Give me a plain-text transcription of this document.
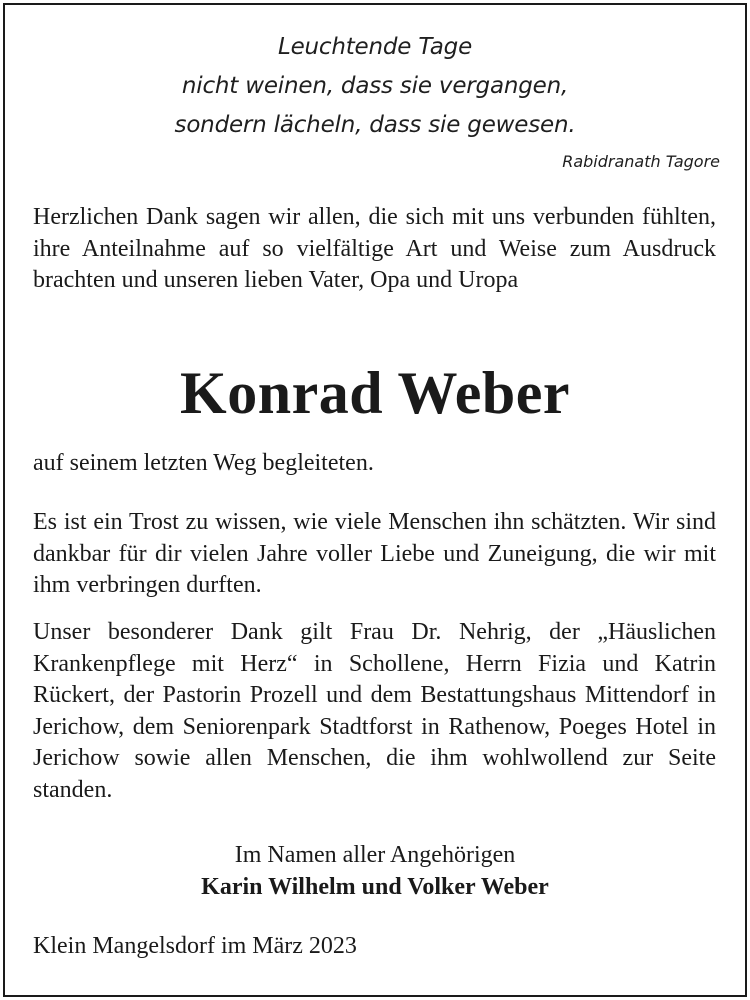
Leuchtende Tage
nicht weinen, dass sie vergangen,
sondern lächeln, dass sie gewesen.
Rabidranath Tagore

Herzlichen Dank sagen wir allen, die sich mit uns verbunden fühlten, ihre Anteilnahme auf so vielfältige Art und Weise zum Ausdruck brachten und unseren lieben Vater, Opa und Uropa

Konrad Weber

auf seinem letzten Weg begleiteten.

Es ist ein Trost zu wissen, wie viele Menschen ihn schätzten. Wir sind dankbar für dir vielen Jahre voller Liebe und Zuneigung, die wir mit ihm verbringen durften.

Unser besonderer Dank gilt Frau Dr. Nehrig, der „Häuslichen Krankenpflege mit Herz“ in Schollene, Herrn Fizia und Katrin Rückert, der Pastorin Prozell und dem Bestattungshaus Mittendorf in Jerichow, dem Seniorenpark Stadtforst in Rathenow, Poeges Hotel in Jerichow sowie allen Menschen, die ihm wohlwollend zur Seite standen.

Im Namen aller Angehörigen
Karin Wilhelm und Volker Weber
Klein Mangelsdorf im März 2023
